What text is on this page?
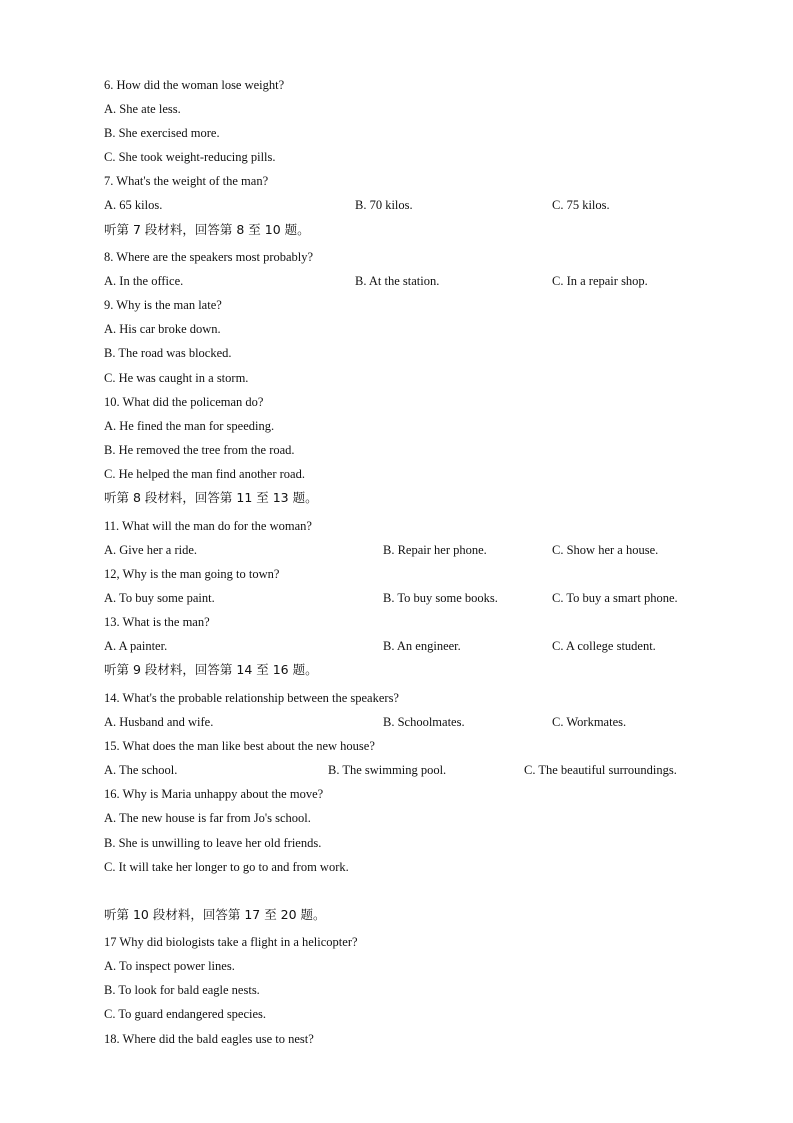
6. How did the woman lose weight?
A. She ate less.
B. She exercised more.
C. She took weight-reducing pills.
7. What's the weight of the man?
A. 65 kilos.	B. 70 kilos.	C. 75 kilos.
听第 7 段材料，回答第 8 至 10 题。
8. Where are the speakers most probably?
A. In the office.	B. At the station.	C. In a repair shop.
9. Why is the man late?
A. His car broke down.
B. The road was blocked.
C. He was caught in a storm.
10. What did the policeman do?
A. He fined the man for speeding.
B. He removed the tree from the road.
C. He helped the man find another road.
听第 8 段材料，回答第 11 至 13 题。
11. What will the man do for the woman?
A. Give her a ride.	B. Repair her phone.	C. Show her a house.
12, Why is the man going to town?
A. To buy some paint.	B. To buy some books.	C. To buy a smart phone.
13. What is the man?
A. A painter.	B. An engineer.	C. A college student.
听第 9 段材料，回答第 14 至 16 题。
14. What's the probable relationship between the speakers?
A. Husband and wife.	B. Schoolmates.	C. Workmates.
15. What does the man like best about the new house?
A. The school.	B. The swimming pool.	C. The beautiful surroundings.
16. Why is Maria unhappy about the move?
A. The new house is far from Jo's school.
B. She is unwilling to leave her old friends.
C. It will take her longer to go to and from work.
听第 10 段材料，回答第 17 至 20 题。
17 Why did biologists take a flight in a helicopter?
A. To inspect power lines.
B. To look for bald eagle nests.
C. To guard endangered species.
18. Where did the bald eagles use to nest?
